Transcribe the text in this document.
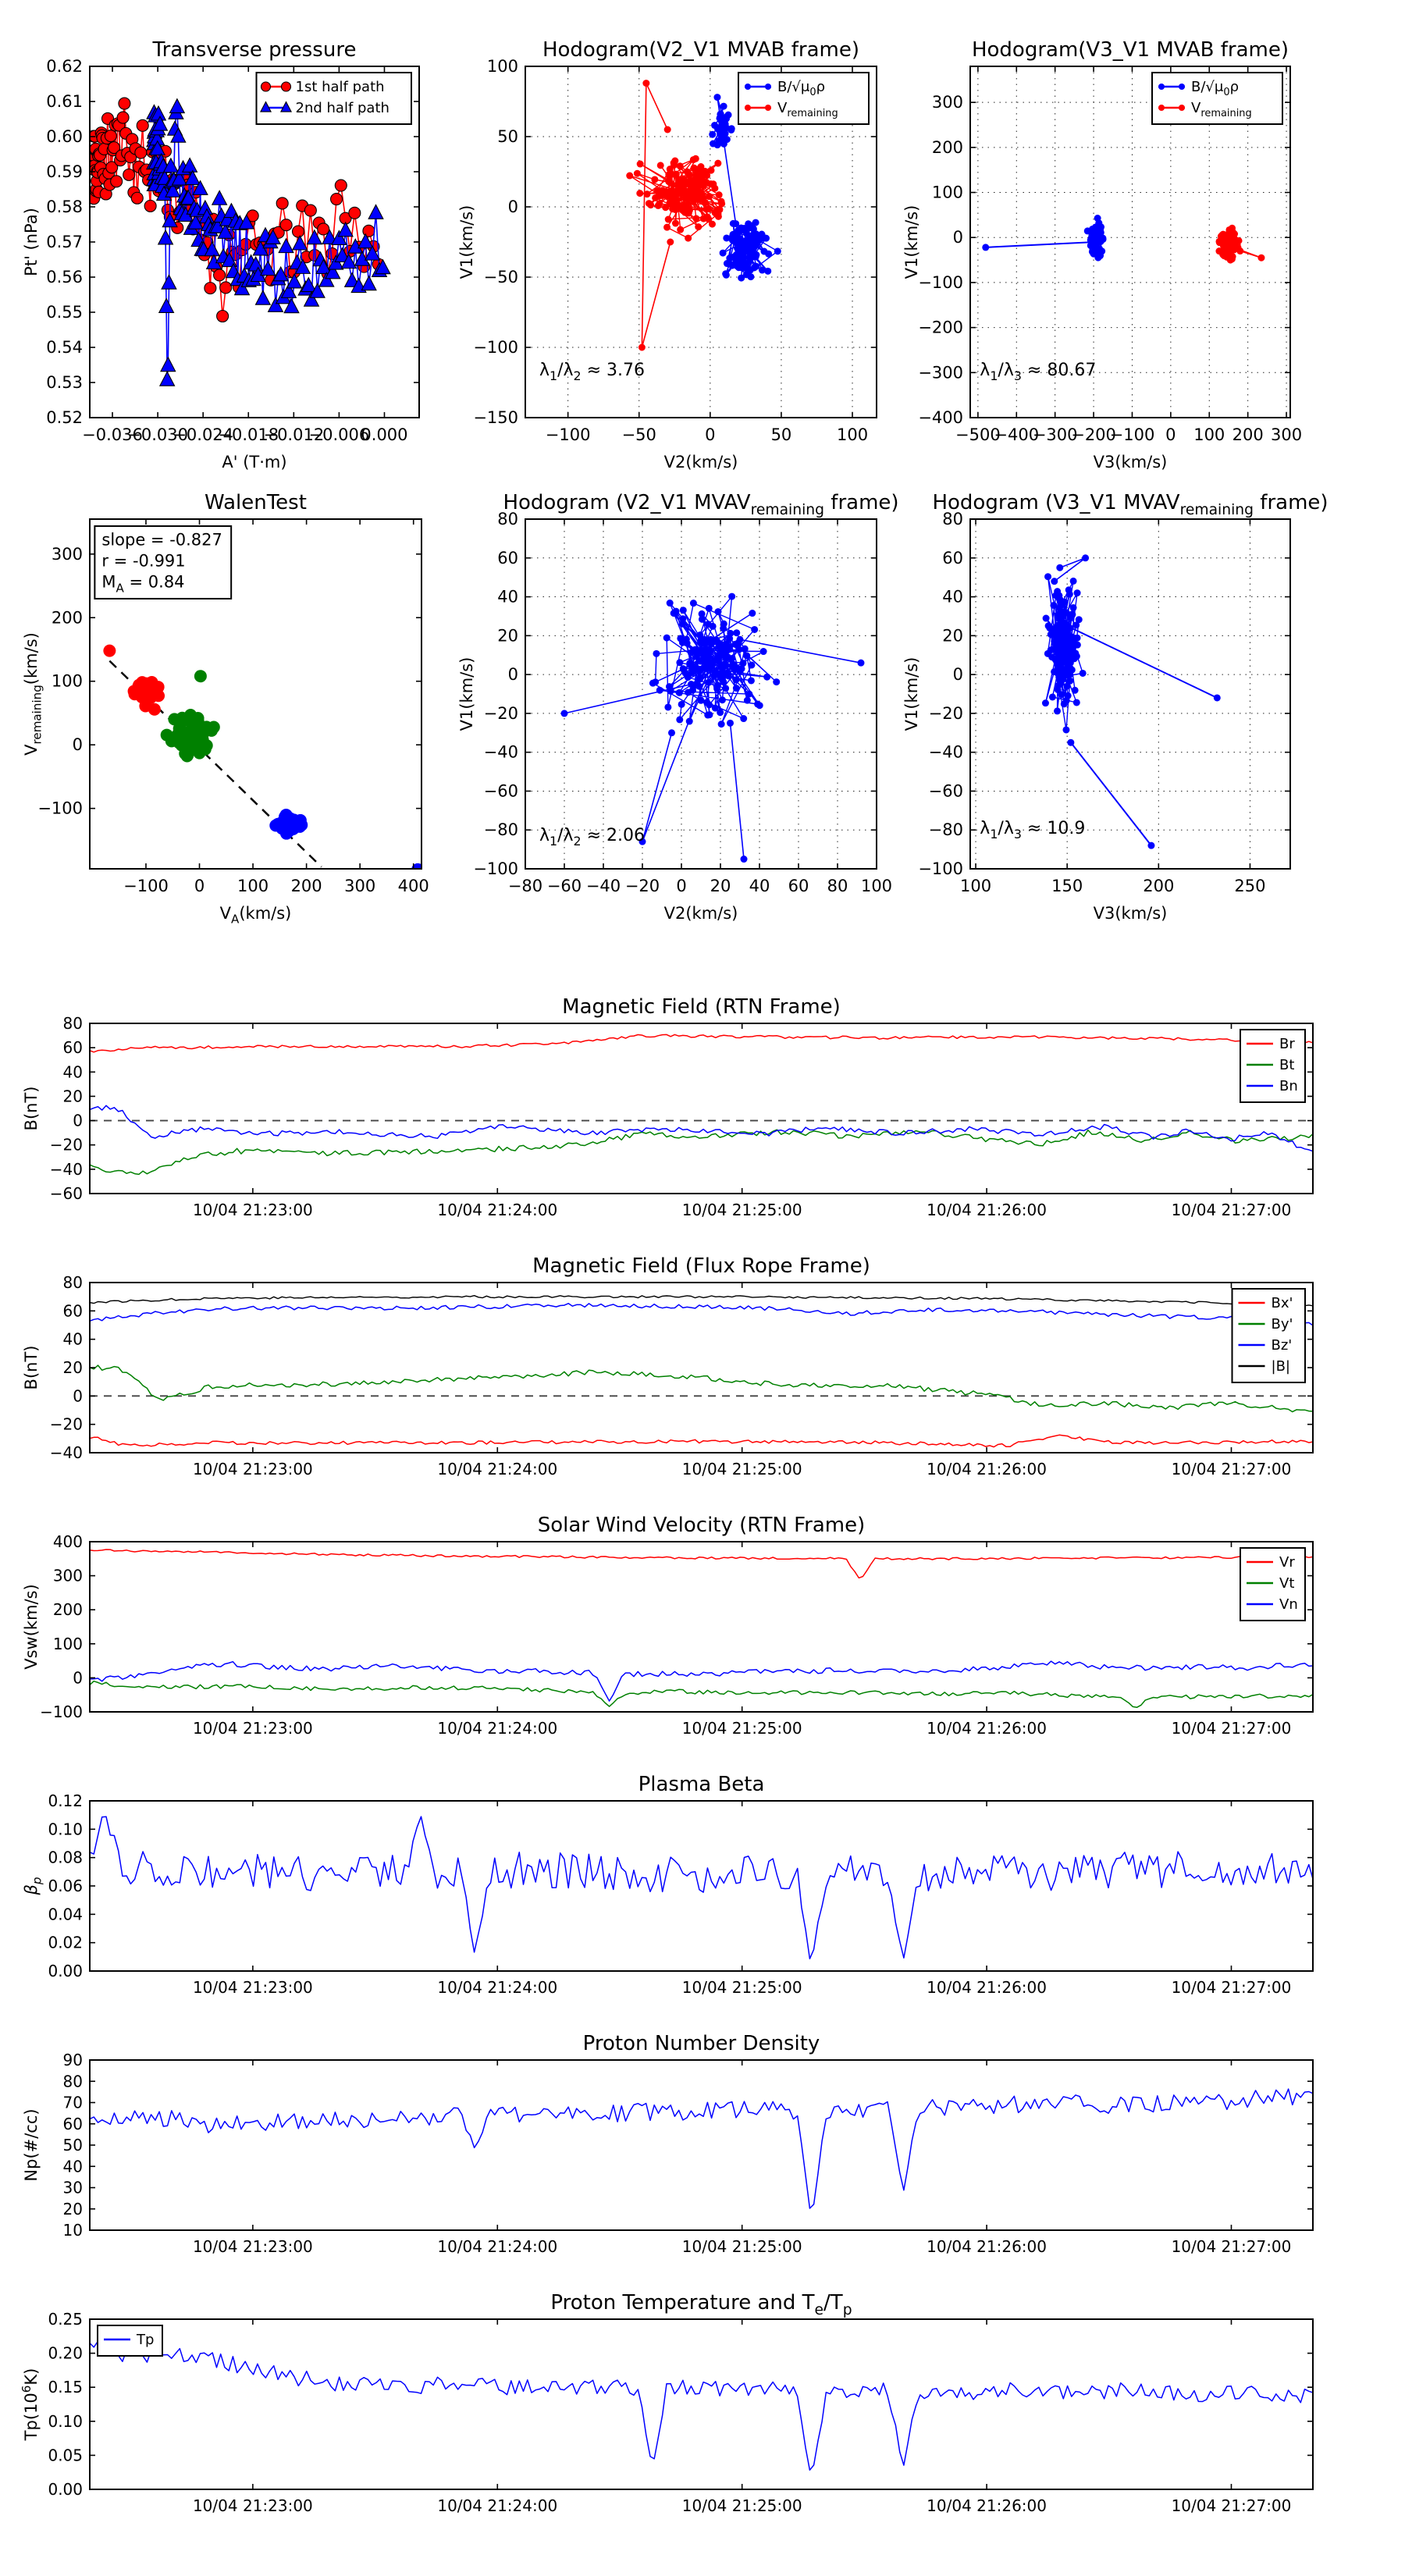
−0.036
−0.030
−0.024
−0.018
−0.012
−0.006
0.000
0.52
0.53
0.54
0.55
0.56
0.57
0.58
0.59
0.60
0.61
0.62
Transverse pressure
A' (T·m)
Pt' (nPa)
1st half path
2nd half path
−100 −50	0	50	100
−150
−100
−50
0
50
100
Hodogram(V2_V1 MVAB frame)
V2(km/s)
V1(km/s)
$B/√\mu_0\rho$
$V_{remaining}$
$\lambda_1/\lambda_2 \approx 3.76$
−500
−400
−300
−200
−100 0 100 200 300
−400
−300
−200
−100
0
100
200
300
Hodogram(V3_V1 MVAB frame)
V3(km/s)
V1(km/s)
$B/√\mu_0\rho$
$V_{remaining}$
$\lambda_1/\lambda_3 \approx 80.67$
−100 0 100 200 300 400
−100
0
100
200
300
WalenTest
$V_A(km/s)$
$V_{remaining}(km/s)$
slope = -0.827
r = -0.991
$M_A = 0.84$
−80 −60 −40 −20 0 20 40 60 80 100
−100
−80
−60
−40
−20
0
20
40
60
80
Hodogram (V2_V1 $MVAV_{remaining}$ frame)
V2(km/s)
V1(km/s)
$\lambda_1/\lambda_2 \approx 2.06$
100	150	200	250
−100
−80
−60
−40
−20
0
20
40
60
80
Hodogram (V3_V1 $MVAV_{remaining}$ frame)
V3(km/s)
V1(km/s)
$\lambda_1/\lambda_3 \approx 10.9$
10/04 21:23:00	10/04 21:24:00	10/04 21:25:00	10/04 21:26:00	10/04 21:27:00
−60
−40
−20
0
20
40
60
80
Magnetic Field (RTN Frame)
B(nT)
Br
Bt
Bn
10/04 21:23:00	10/04 21:24:00	10/04 21:25:00	10/04 21:26:00	10/04 21:27:00
−40
−20
0
20
40
60
80
Magnetic Field (Flux Rope Frame)
B(nT)
Bx'
By'
Bz'
|B|
10/04 21:23:00	10/04 21:24:00	10/04 21:25:00	10/04 21:26:00	10/04 21:27:00
−100
0
100
200
300
400
Solar Wind Velocity (RTN Frame)
Vsw(km/s)
Vr
Vt
Vn
10/04 21:23:00	10/04 21:24:00	10/04 21:25:00	10/04 21:26:00	10/04 21:27:00
0.00
0.02
0.04
0.06
0.08
0.10
0.12
Plasma Beta
$\beta_p$
10/04 21:23:00	10/04 21:24:00	10/04 21:25:00	10/04 21:26:00	10/04 21:27:00
10
20
30
40
50
60
70
80
90
Proton Number Density
Np(#/cc)
10/04 21:23:00	10/04 21:24:00	10/04 21:25:00	10/04 21:26:00	10/04 21:27:00
0.00
0.05
0.10
0.15
0.20
0.25
Proton Temperature and $T_e/T_p$
$Tp(10^6K)$
Tp
